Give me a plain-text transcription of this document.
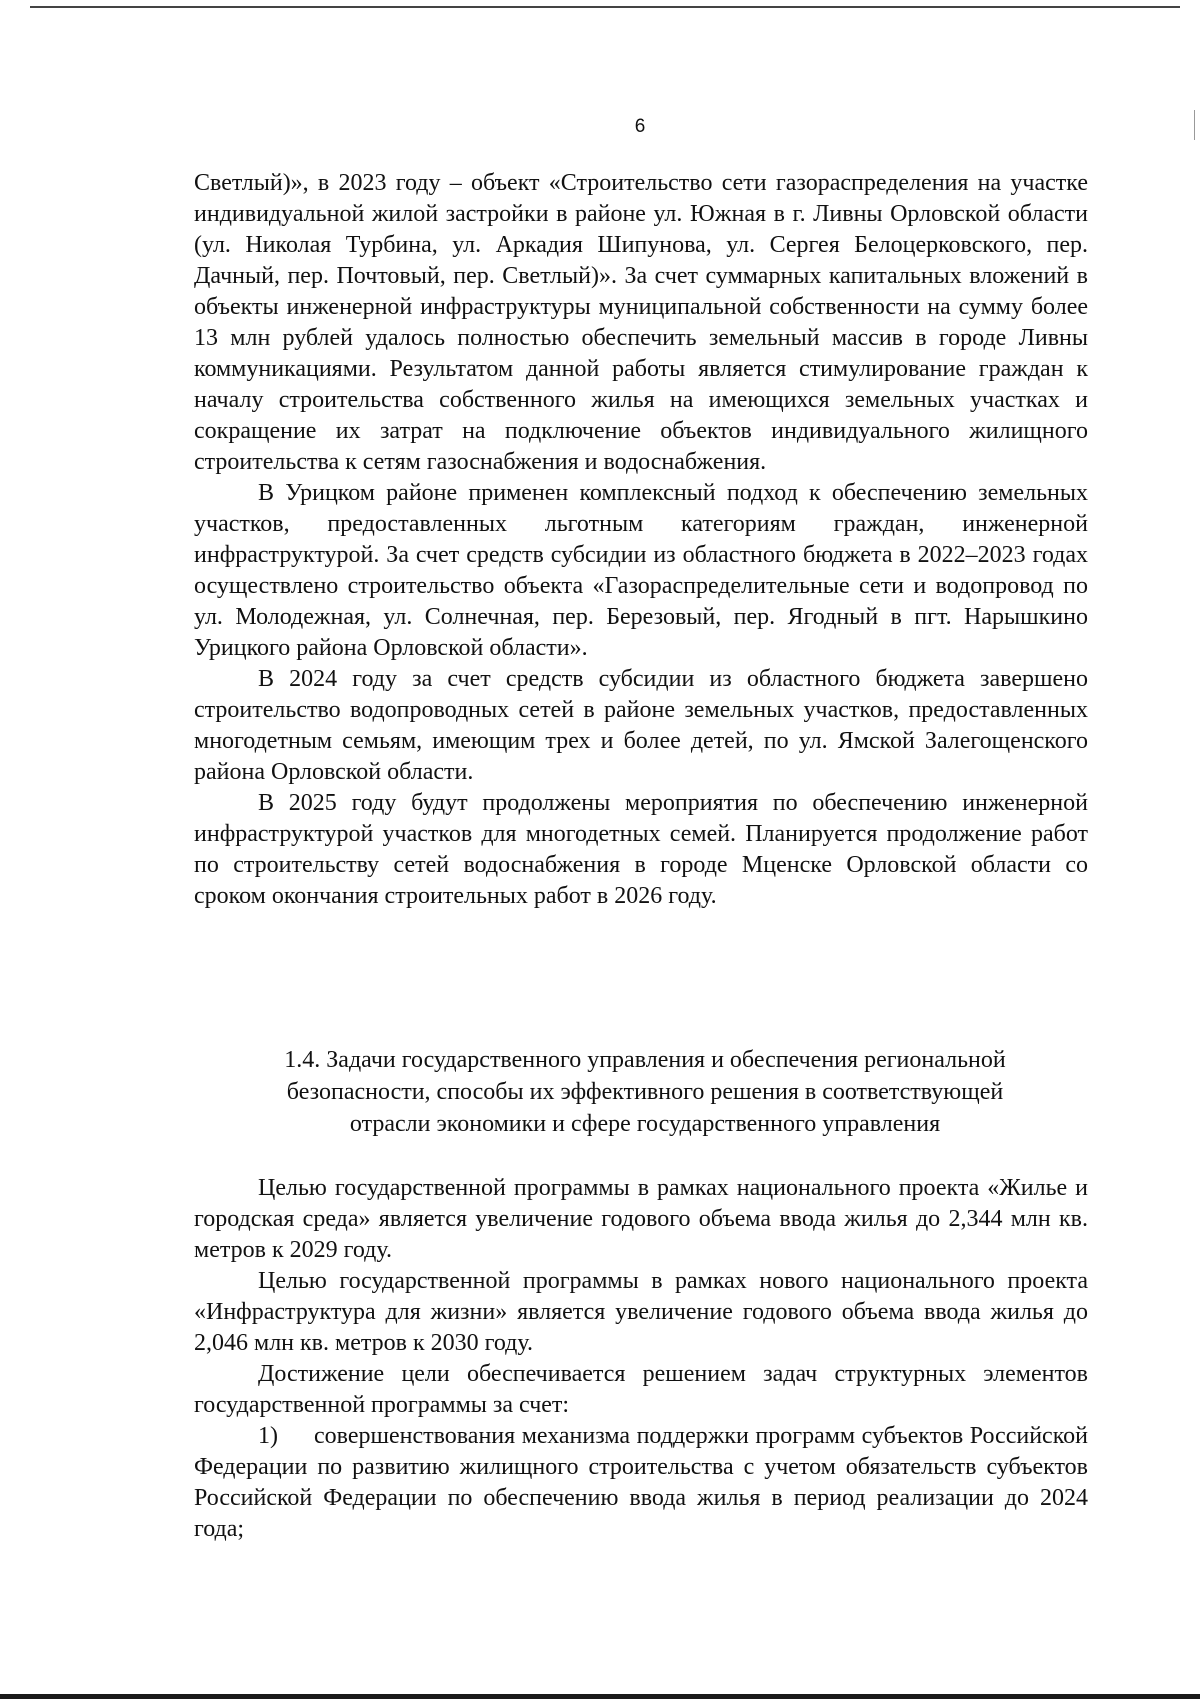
6

Светлый)», в 2023 году – объект «Строительство сети газораспределения на участке индивидуальной жилой застройки в районе ул. Южная в г. Ливны Орловской области (ул. Николая Турбина, ул. Аркадия Шипунова, ул. Сергея Белоцерковского, пер. Дачный, пер. Почтовый, пер. Светлый)». За счет суммарных капитальных вложений в объекты инженерной инфраструктуры муниципальной собственности на сумму более 13 млн рублей удалось полностью обеспечить земельный массив в городе Ливны коммуникациями. Результатом данной работы является стимулирование граждан к началу строительства собственного жилья на имеющихся земельных участках и сокращение их затрат на подключение объектов индивидуального жилищного строительства к сетям газоснабжения и водоснабжения.

В Урицком районе применен комплексный подход к обеспечению земельных участков, предоставленных льготным категориям граждан, инженерной инфраструктурой. За счет средств субсидии из областного бюджета в 2022–2023 годах осуществлено строительство объекта «Газораспределительные сети и водопровод по ул. Молодежная, ул. Солнечная, пер. Березовый, пер. Ягодный в пгт. Нарышкино Урицкого района Орловской области».

В 2024 году за счет средств субсидии из областного бюджета завершено строительство водопроводных сетей в районе земельных участков, предоставленных многодетным семьям, имеющим трех и более детей, по ул. Ямской Залегощенского района Орловской области.

В 2025 году будут продолжены мероприятия по обеспечению инженерной инфраструктурой участков для многодетных семей. Планируется продолжение работ по строительству сетей водоснабжения в городе Мценске Орловской области со сроком окончания строительных работ в 2026 году.

1.4. Задачи государственного управления и обеспечения региональной
безопасности, способы их эффективного решения в соответствующей
отрасли экономики и сфере государственного управления

Целью государственной программы в рамках национального проекта «Жилье и городская среда» является увеличение годового объема ввода жилья до 2,344 млн кв. метров к 2029 году.

Целью государственной программы в рамках нового национального проекта «Инфраструктура для жизни» является увеличение годового объема ввода жилья до 2,046 млн кв. метров к 2030 году.

Достижение цели обеспечивается решением задач структурных элементов государственной программы за счет:

1)  совершенствования механизма поддержки программ субъектов Российской Федерации по развитию жилищного строительства с учетом обязательств субъектов Российской Федерации по обеспечению ввода жилья в период реализации до 2024 года;
